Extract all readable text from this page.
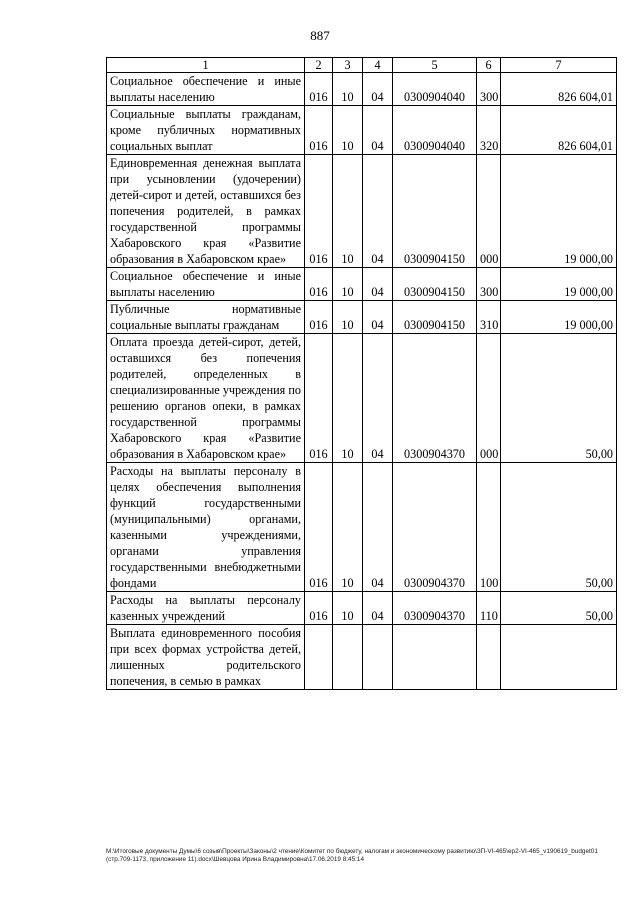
887
1	2	3	4	5	6	7
Социальное обеспечение и иные выплаты населению	016	10	04	0300904040	300	826 604,01
Социальные выплаты гражданам, кроме публичных нормативных социальных выплат	016	10	04	0300904040	320	826 604,01
Единовременная денежная выплата при усыновлении (удочерении) детей-сирот и детей, оставшихся без попечения родителей, в рамках государственной программы Хабаровского края «Развитие образования в Хабаровском крае»	016	10	04	0300904150	000	19 000,00
Социальное обеспечение и иные выплаты населению	016	10	04	0300904150	300	19 000,00
Публичные нормативные социальные выплаты гражданам	016	10	04	0300904150	310	19 000,00
Оплата проезда детей-сирот, детей, оставшихся без попечения родителей, определенных в специализированные учреждения по решению органов опеки, в рамках государственной программы Хабаровского края «Развитие образования в Хабаровском крае»	016	10	04	0300904370	000	50,00
Расходы на выплаты персоналу в целях обеспечения выполнения функций государственными (муниципальными) органами, казенными учреждениями, органами управления государственными внебюджетными фондами	016	10	04	0300904370	100	50,00
Расходы на выплаты персоналу казенных учреждений	016	10	04	0300904370	110	50,00
Выплата единовременного пособия при всех формах устройства детей, лишенных родительского попечения, в семью в рамках						
M:\Итоговые документы Думы\6 созыв\Проекты\Законы\2 чтение\Комитет по бюджету, налогам и экономическому развитию\ЗП-VI-465\ep2-VI-465_v190619_budget01 (стр.709-1173, приложение 11).docx\Шевцова Ирина Владимировна\17.06.2019 8:45:14
